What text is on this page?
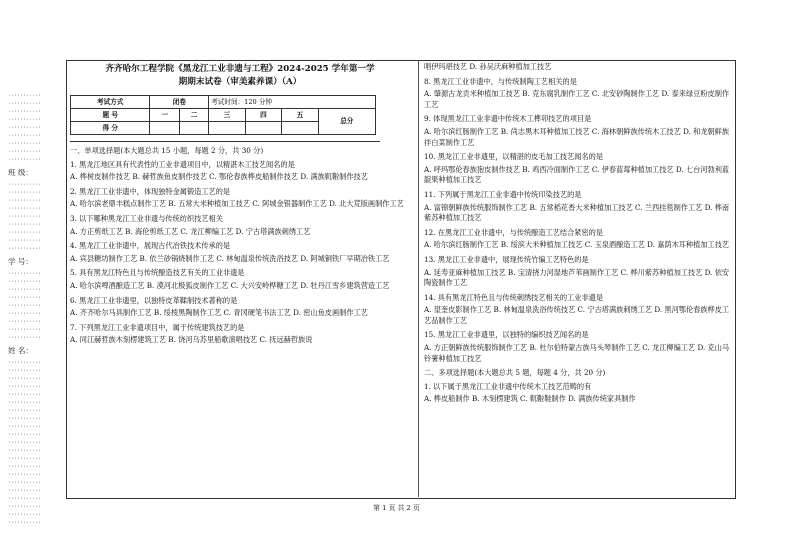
···········
···········
···········
···········
···········
···········
···········
···········
···········
班 级：
···········
···········
···········
···········
···········
···········
···········
···········
···········
学 号：
···········
···········
···········
···········
···········
···········
···········
···········
···········
姓 名：
···········
···········
···········
···········
···········
···········
···········
···········
···········
···········
···········
···········
···········
···········
···········
···········
···········
···········
···········
···········
···········
齐齐哈尔工程学院《黑龙江工业非遗与工程》2024-2025 学年第一学
期期末试卷（审美素养课）（A）
考试方式	闭卷		考试时间：120 分钟			
题 号	一	二	三	四	五	总分
得 分						
一、单项选择题(本大题总共 15 小题，每题 2 分，共 30 分)
1. 黑龙江地区具有代表性的工业非遗项目中，以精湛木工技艺闻名的是
A. 桦树皮制作技艺 B. 赫哲族鱼皮制作技艺 C. 鄂伦春族桦皮船制作技艺 D. 满族靰鞡制作技艺
2. 黑龙江工业非遗中，体现独特金属锻造工艺的是
A. 哈尔滨老鼎丰糕点制作工艺 B. 五常大米种植加工技艺 C. 阿城金银器制作工艺 D. 北大荒版画制作工艺
3. 以下哪种黑龙江工业非遗与传统纺织技艺相关
A. 方正剪纸工艺 B. 海伦剪纸工艺 C. 龙江柳编工艺 D. 宁古塔满族刺绣工艺
4. 黑龙江工业非遗中，展现古代冶铁技术传承的是
A. 宾县糖坊制作工艺 B. 依兰砂锅烧制作工艺 C. 林甸温泉传统洗浴技艺 D. 阿城铜铁厂早期冶铁工艺
5. 具有黑龙江特色且与传统酿造技艺有关的工业非遗是
A. 哈尔滨啤酒酿造工艺 B. 漠河北极狐皮制作工艺 C. 大兴安岭桦糖工艺 D. 牡丹江雪乡建筑营造工艺
6. 黑龙江工业非遗里，以独特皮革鞣制技术著称的是
A. 齐齐哈尔马具制作工艺 B. 绥棱黑陶制作工艺 C. 青冈硬笔书法工艺 D. 密山鱼皮画制作工艺
7. 下列黑龙江工业非遗项目中，属于传统建筑技艺的是
A. 同江赫哲族木刻楞建筑工艺 B. 饶河乌苏里船歌演唱技艺 C. 抚远赫哲族说
唱伊玛堪技艺 D. 孙吴沃麻种植加工技艺
8. 黑龙江工业非遗中，与传统制陶工艺相关的是
A. 肇源古龙贡米种植加工技艺 B. 克东腐乳制作工艺 C. 北安砂陶制作工艺 D. 泰来绿豆粉皮制作工艺
9. 体现黑龙江工业非遗中传统木工榫卯技艺的项目是
A. 哈尔滨红肠制作工艺 B. 尚志黑木耳种植加工技艺 C. 海林朝鲜族传统木工技艺 D. 和龙朝鲜族拌白菜制作工艺
10. 黑龙江工业非遗里，以精湛的皮毛加工技艺闻名的是
A. 呼玛鄂伦春族狍皮制作技艺 B. 鸡西冷面制作工艺 C. 伊春蓝莓种植加工技艺 D. 七台河勃利蓝靛果种植加工技艺
11. 下列属于黑龙江工业非遗中传统印染技艺的是
A. 富锦朝鲜族传统服饰制作工艺 B. 五常稻花香大米种植加工技艺 C. 兰西挂毯制作工艺 D. 桦南紫苏种植加工技艺
12. 在黑龙江工业非遗中，与传统酿造工艺结合紧密的是
A. 哈尔滨红肠制作工艺 B. 绥滨大米种植加工技艺 C. 玉泉酒酿造工艺 D. 嘉荫木耳种植加工技艺
13. 黑龙江工业非遗中，展现传统竹编工艺特色的是
A. 延寿亚麻种植加工技艺 B. 宝清挠力河湿地芦苇画制作工艺 C. 桦川紫苏种植加工技艺 D. 依安陶瓷制作工艺
14. 具有黑龙江特色且与传统刺绣技艺相关的工业非遗是
A. 望奎皮影制作工艺 B. 林甸温泉洗浴传统技艺 C. 宁古塔满族刺绣工艺 D. 黑河鄂伦春族桦皮工艺品制作工艺
15. 黑龙江工业非遗里，以独特的编织技艺闻名的是
A. 方正朝鲜族传统服饰制作工艺 B. 杜尔伯特蒙古族马头琴制作工艺 C. 龙江柳编工艺 D. 克山马铃薯种植加工技艺
二、多项选择题(本大题总共 5 题，每题 4 分，共 20 分)
1. 以下属于黑龙江工业非遗中传统木工技艺范畴的有
A. 桦皮船制作 B. 木刻楞建筑 C. 靰鞡鞋制作 D. 满族传统家具制作
第 1 页 共 2 页
